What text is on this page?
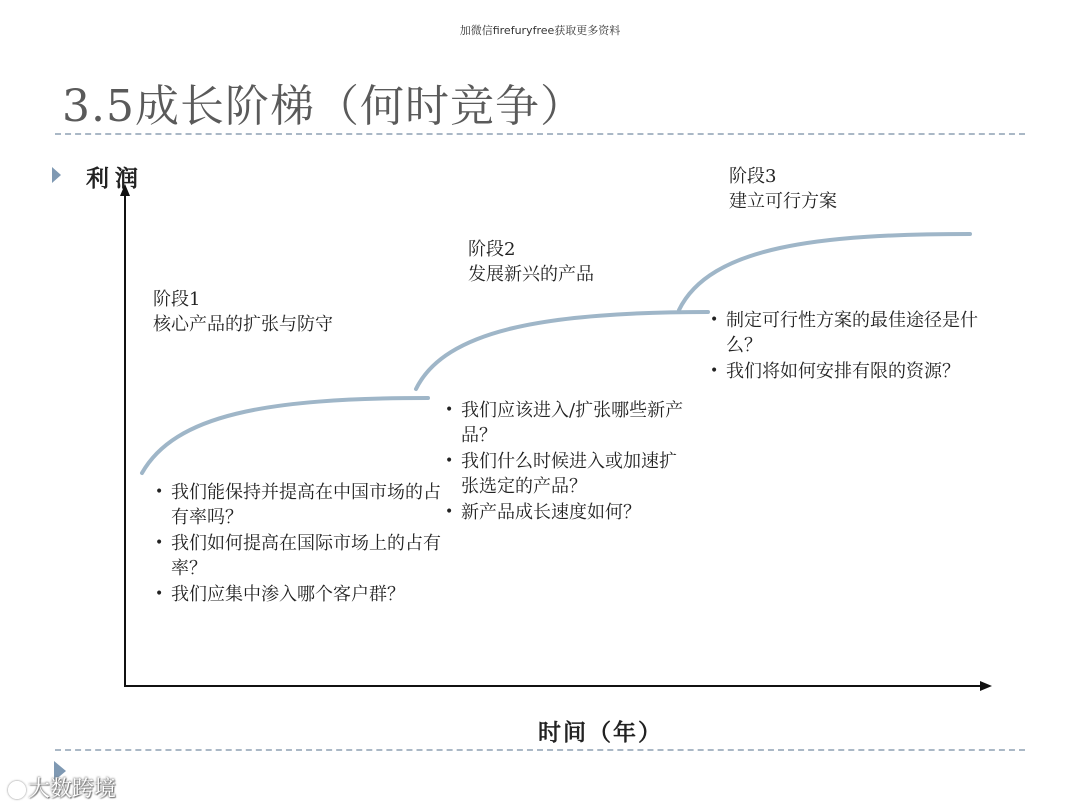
加微信firefuryfree获取更多资料
3.5成长阶梯（何时竞争）
利润
阶段1
核心产品的扩张与防守
阶段2
发展新兴的产品
阶段3
建立可行方案
• 我们能保持并提高在中国市场的占有率吗？
• 我们如何提高在国际市场上的占有率？
• 我们应集中渗入哪个客户群？
• 我们应该进入/扩张哪些新产品？
• 我们什么时候进入或加速扩张选定的产品？
• 新产品成长速度如何？
• 制定可行性方案的最佳途径是什么？
• 我们将如何安排有限的资源？
时间（年）
大数跨境
